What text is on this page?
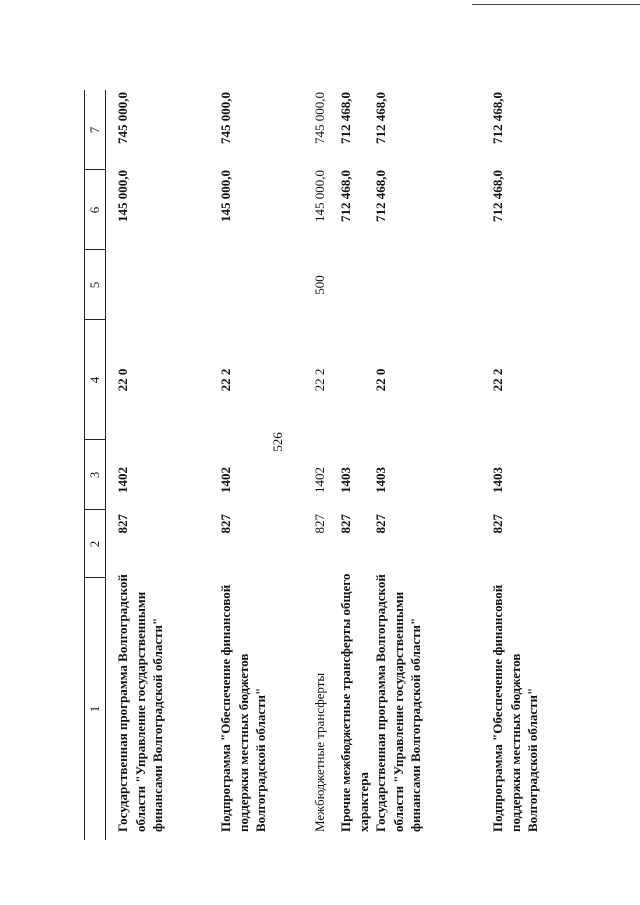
526
1
2
3
4
5
6
7
Государственная программа Волгоградской области "Управление государственными финансами Волгоградской области"
827
1402
22 0
145 000,0
745 000,0
Подпрограмма "Обеспечение финансовой поддержки местных бюджетов Волгоградской области"
827
1402
22 2
145 000,0
745 000,0
Межбюджетные трансферты
827
1402
22 2
500
145 000,0
745 000,0
Прочие межбюджетные трансферты общего характера
827
1403
712 468,0
712 468,0
Государственная программа Волгоградской области "Управление государственными финансами Волгоградской области"
827
1403
22 0
712 468,0
712 468,0
Подпрограмма "Обеспечение финансовой поддержки местных бюджетов Волгоградской области"
827
1403
22 2
712 468,0
712 468,0
